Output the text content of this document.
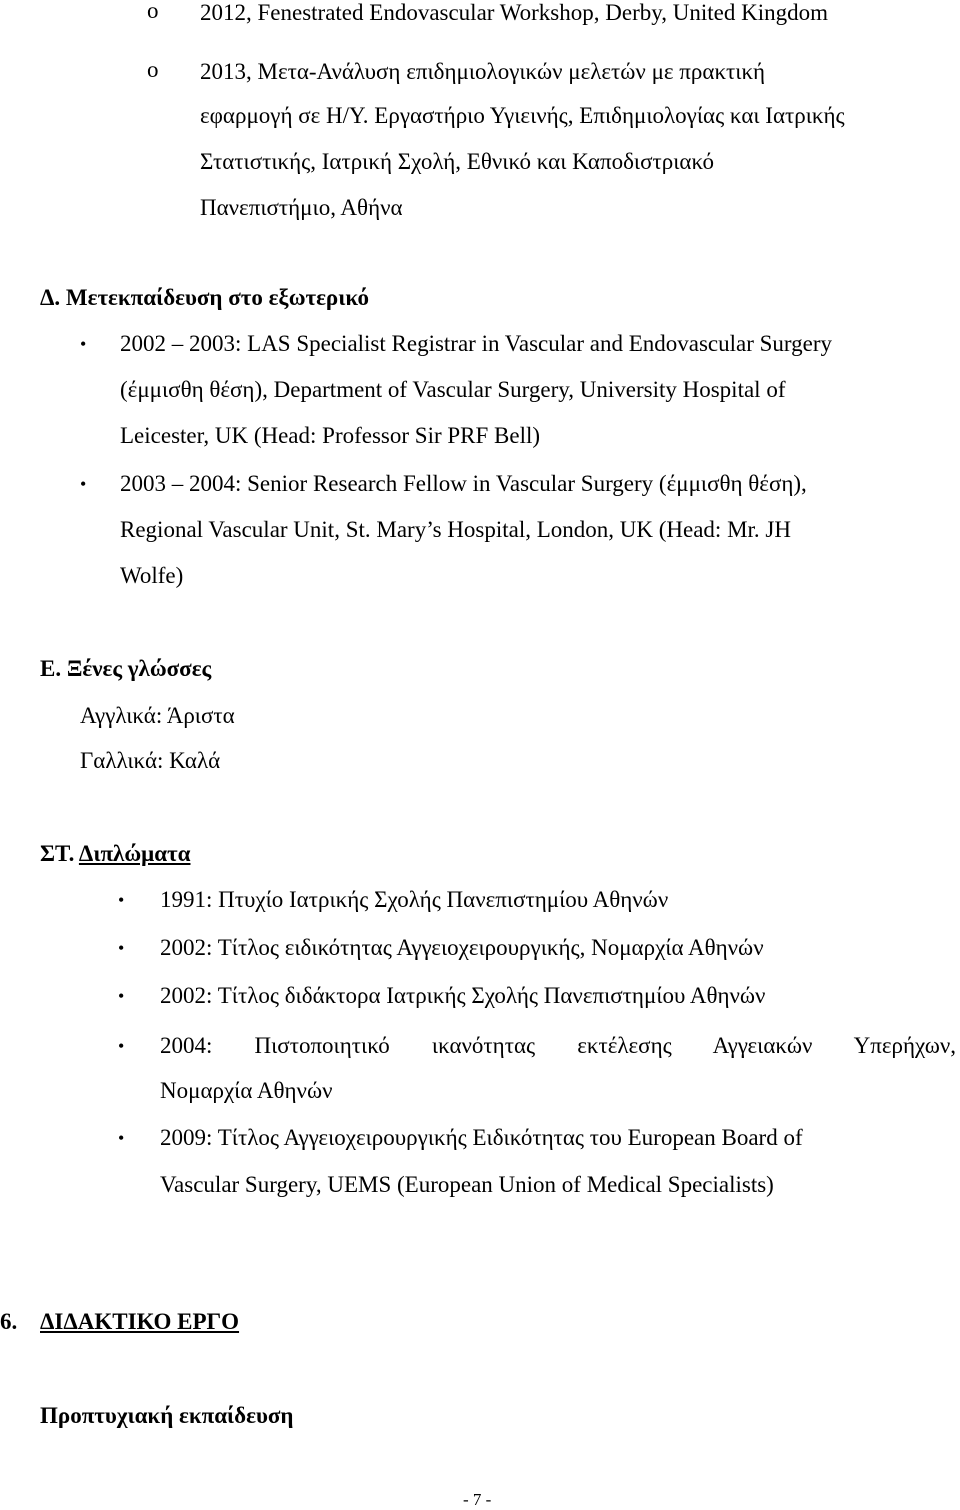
o 2012, Fenestrated Endovascular Workshop, Derby, United Kingdom
o 2013, Μετα-Ανάλυση επιδημιολογικών μελετών με πρακτική
εφαρμογή σε Η/Υ. Εργαστήριο Υγιεινής, Επιδημιολογίας και Ιατρικής
Στατιστικής, Ιατρική Σχολή, Εθνικό και Καποδιστριακό
Πανεπιστήμιο, Αθήνα
Δ. Μετεκπαίδευση στο εξωτερικό
• 2002 – 2003: LAS Specialist Registrar in Vascular and Endovascular Surgery
(έμμισθη θέση), Department of Vascular Surgery, University Hospital of
Leicester, UK (Head: Professor Sir PRF Bell)
• 2003 – 2004: Senior Research Fellow in Vascular Surgery (έμμισθη θέση),
Regional Vascular Unit, St. Mary’s Hospital, London, UK (Head: Mr. JH
Wolfe)
Ε. Ξένες γλώσσες
Αγγλικά: Άριστα
Γαλλικά: Καλά
ΣΤ. Διπλώματα
• 1991: Πτυχίο Ιατρικής Σχολής Πανεπιστημίου Αθηνών
• 2002: Τίτλος ειδικότητας Αγγειοχειρουργικής, Νομαρχία Αθηνών
• 2002: Τίτλος διδάκτορα Ιατρικής Σχολής Πανεπιστημίου Αθηνών
• 2004: Πιστοποιητικό ικανότητας εκτέλεσης Αγγειακών Υπερήχων,
Νομαρχία Αθηνών
• 2009: Τίτλος Αγγειοχειρουργικής Ειδικότητας του European Board of
Vascular Surgery, UEMS (European Union of Medical Specialists)
6. ΔΙΔΑΚΤΙΚΟ ΕΡΓΟ
Προπτυχιακή εκπαίδευση
- 7 -
